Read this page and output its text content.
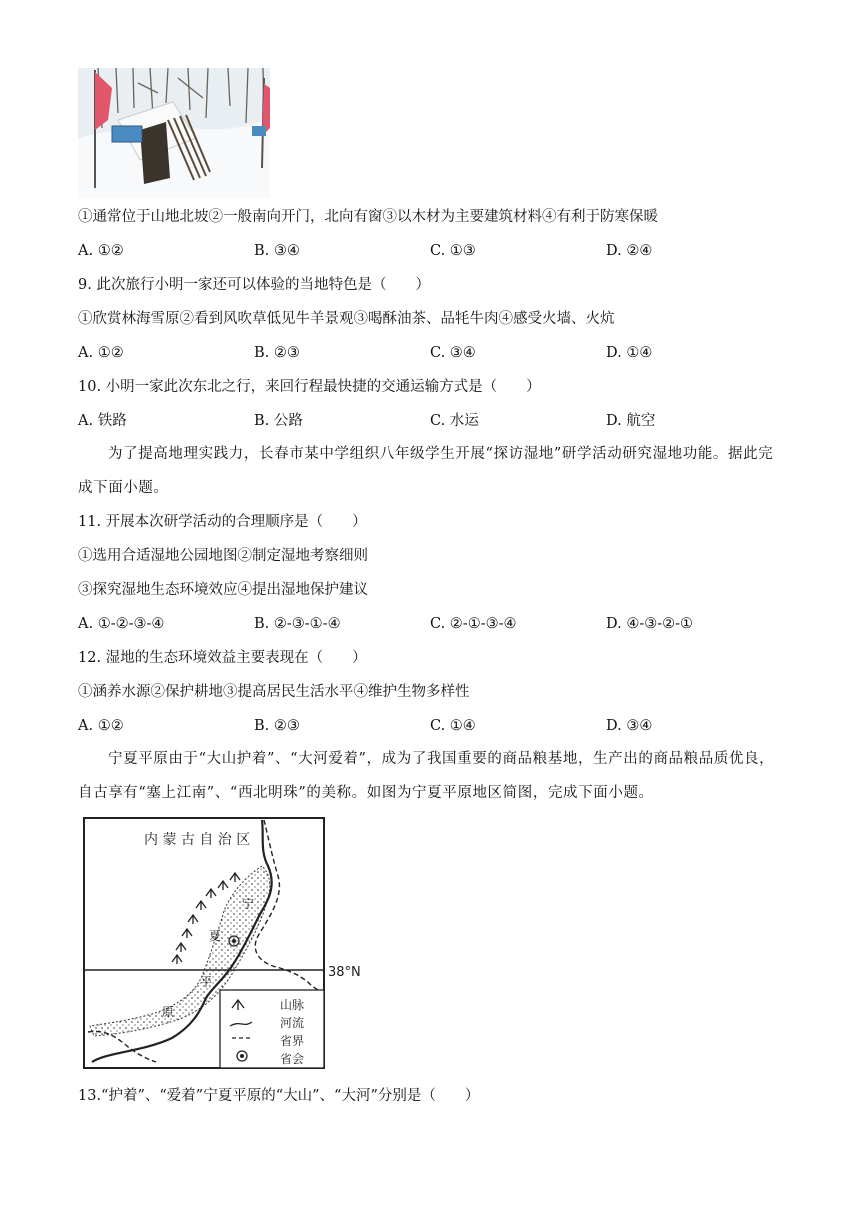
①通常位于山地北坡②一般南向开门，北向有窗③以木材为主要建筑材料④有利于防寒保暖
A. ①②	B. ③④	C. ①③	D. ②④
9. 此次旅行小明一家还可以体验的当地特色是（　　）
①欣赏林海雪原②看到风吹草低见牛羊景观③喝酥油茶、品牦牛肉④感受火墙、火炕
A. ①②	B. ②③	C. ③④	D. ①④
10. 小明一家此次东北之行，来回行程最快捷的交通运输方式是（　　）
A. 铁路	B. 公路	C. 水运	D. 航空
为了提高地理实践力，长春市某中学组织八年级学生开展“探访湿地”研学活动研究湿地功能。据此完成下面小题。
11. 开展本次研学活动的合理顺序是（　　）
①选用合适湿地公园地图②制定湿地考察细则
③探究湿地生态环境效应④提出湿地保护建议
A. ①-②-③-④	B. ②-③-①-④	C. ②-①-③-④	D. ④-③-②-①
12. 湿地的生态环境效益主要表现在（　　）
①涵养水源②保护耕地③提高居民生活水平④维护生物多样性
A. ①②	B. ②③	C. ①④	D. ③④
宁夏平原由于“大山护着”、“大河爱着”，成为了我国重要的商品粮基地，生产出的商品粮品质优良，自古享有“塞上江南”、“西北明珠”的美称。如图为宁夏平原地区简图，完成下面小题。
内 蒙 古 自 治 区
宁
夏
平
原
38°N
山脉
河流
省界
省会
13.“护着”、“爱着”宁夏平原的“大山”、“大河”分别是（　　）
